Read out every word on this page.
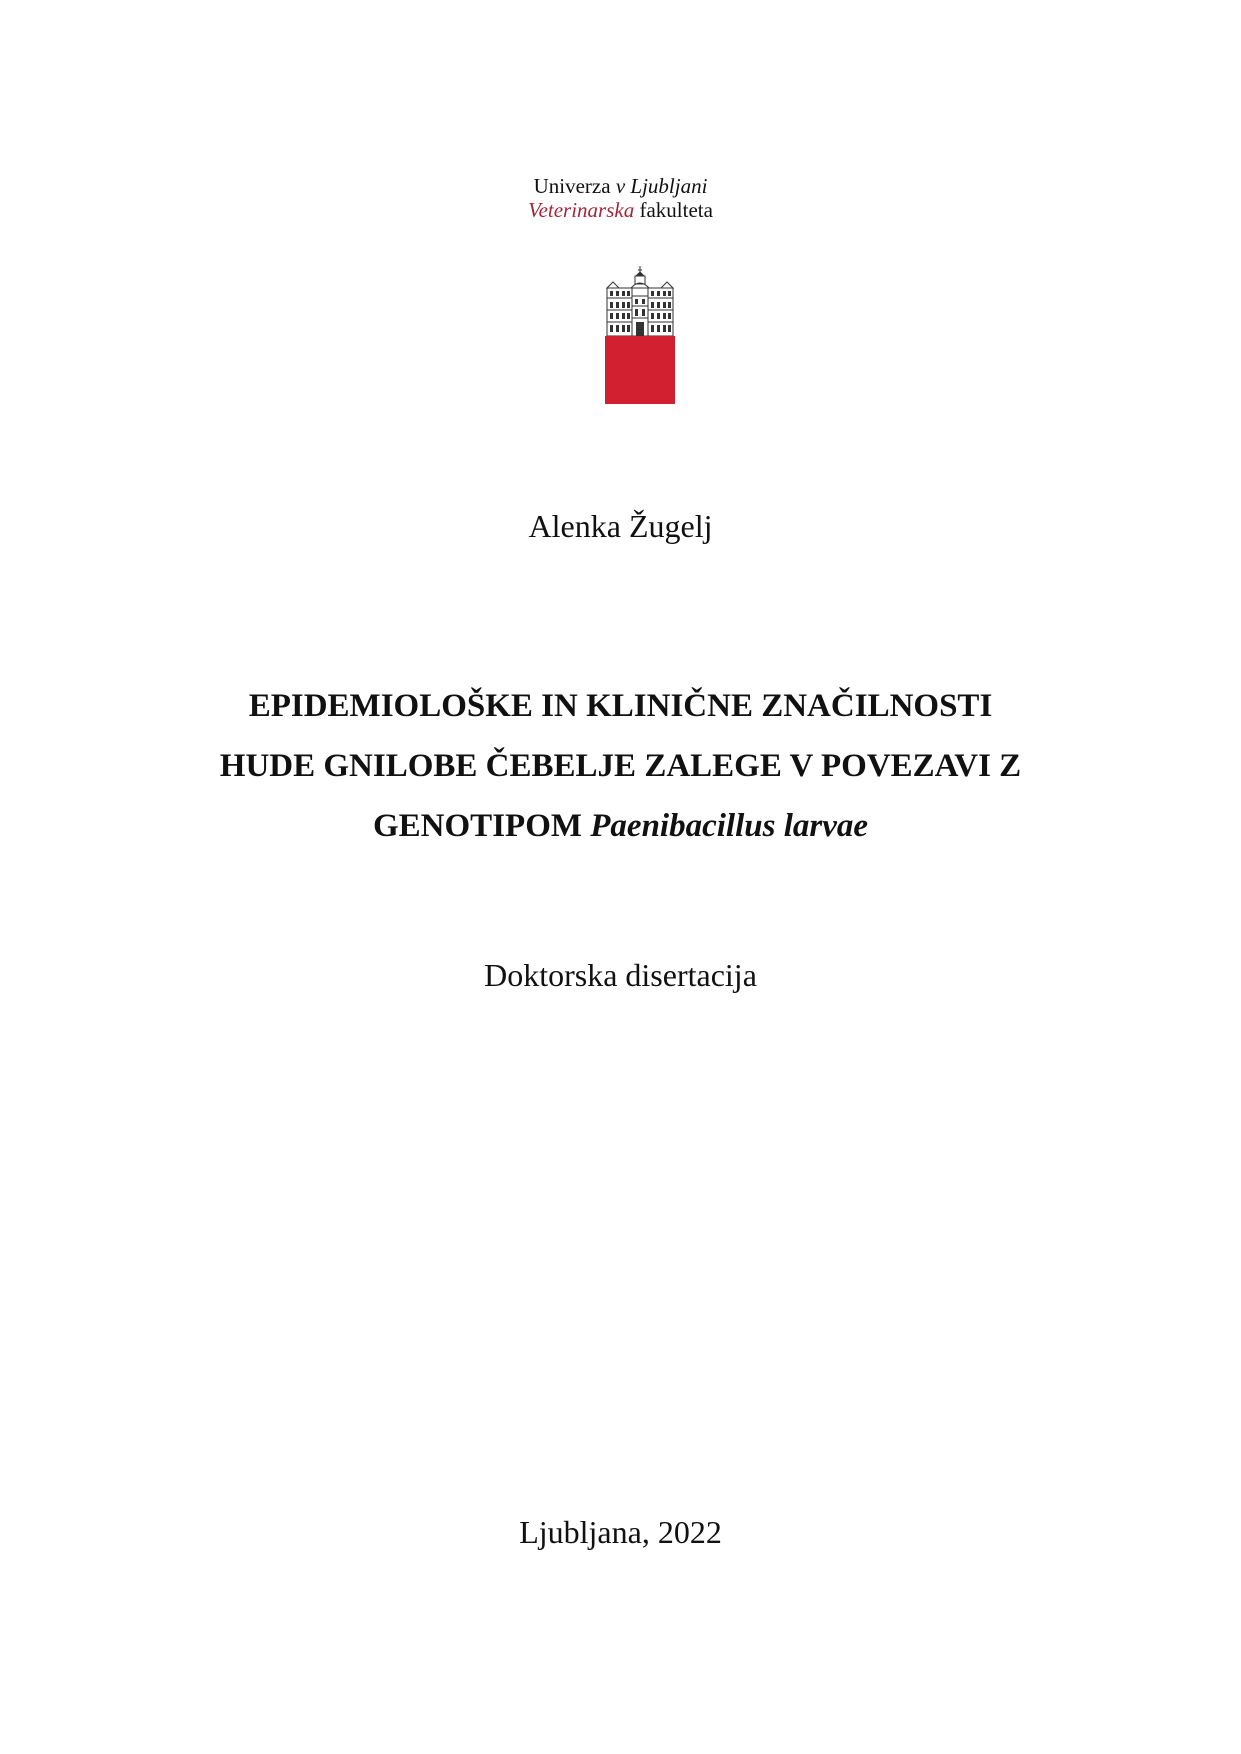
Univerza v Ljubljani
Veterinarska fakulteta
Alenka Žugelj
EPIDEMIOLOŠKE IN KLINIČNE ZNAČILNOSTI
HUDE GNILOBE ČEBELJE ZALEGE V POVEZAVI Z
GENOTIPOM Paenibacillus larvae
Doktorska disertacija
Ljubljana, 2022
